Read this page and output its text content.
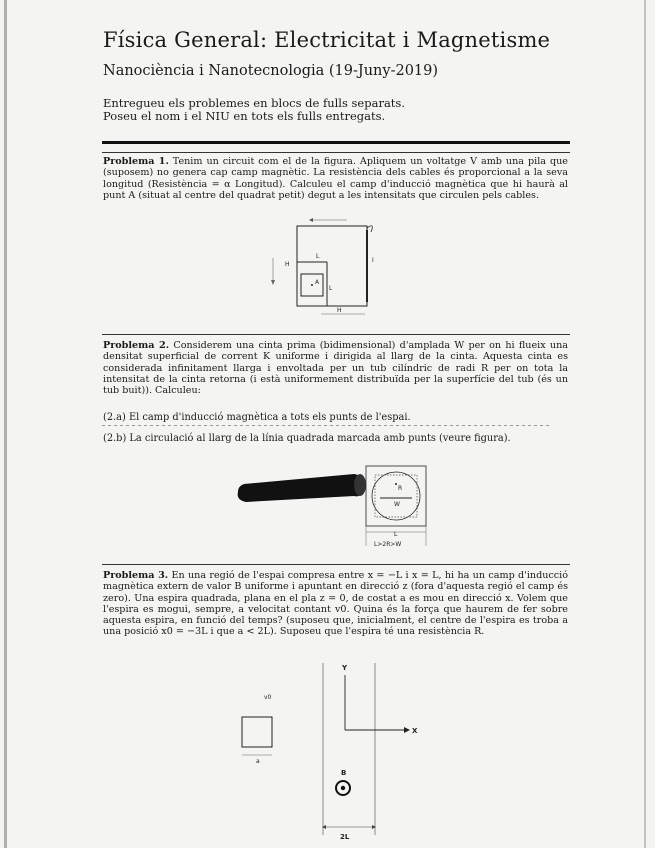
Física General: Electricitat i Magnetisme
Nanociència i Nanotecnologia (19-Juny-2019)
Entregueu els problemes en blocs de fulls separats.
Poseu el nom i el NIU en tots els fulls entregats.
Problema 1. Tenim un circuit com el de la figura. Apliquem un voltatge V amb una pila que (suposem) no genera cap camp magnètic. La resistència dels cables és proporcional a la seva longitud (Resistència = α Longitud). Calculeu el camp d'inducció magnètica que hi haurà al punt A (situat al centre del quadrat petit) degut a les intensitats que circulen pels cables.
H
L
A
L
H
I
Problema 2. Considerem una cinta prima (bidimensional) d'amplada W per on hi flueix una densitat superficial de corrent K uniforme i dirigida al llarg de la cinta. Aquesta cinta es considerada infinitament llarga i envoltada per un tub cilíndric de radi R per on tota la intensitat de la cinta retorna (i està uniformement distribuïda per la superfície del tub (és un tub buit)). Calculeu:
(2.a) El camp d'inducció magnètica a tots els punts de l'espai.
(2.b) La circulació al llarg de la línia quadrada marcada amb punts (veure figura).
L
L>2R>W
R
W
Problema 3. En una regió de l'espai compresa entre x = −L i x = L, hi ha un camp d'inducció magnètica extern de valor B uniforme i apuntant en direcció z (fora d'aquesta regió el camp és zero). Una espira quadrada, plana en el pla z = 0, de costat a es mou en direcció x. Volem que l'espira es mogui, sempre, a velocitat contant v0. Quina és la força que haurem de fer sobre aquesta espira, en funció del temps? (suposeu que, inicialment, el centre de l'espira es troba a una posició x0 = −3L i que a < 2L). Suposeu que l'espira té una resistència R.
Y
X
a
v0
B
2L
